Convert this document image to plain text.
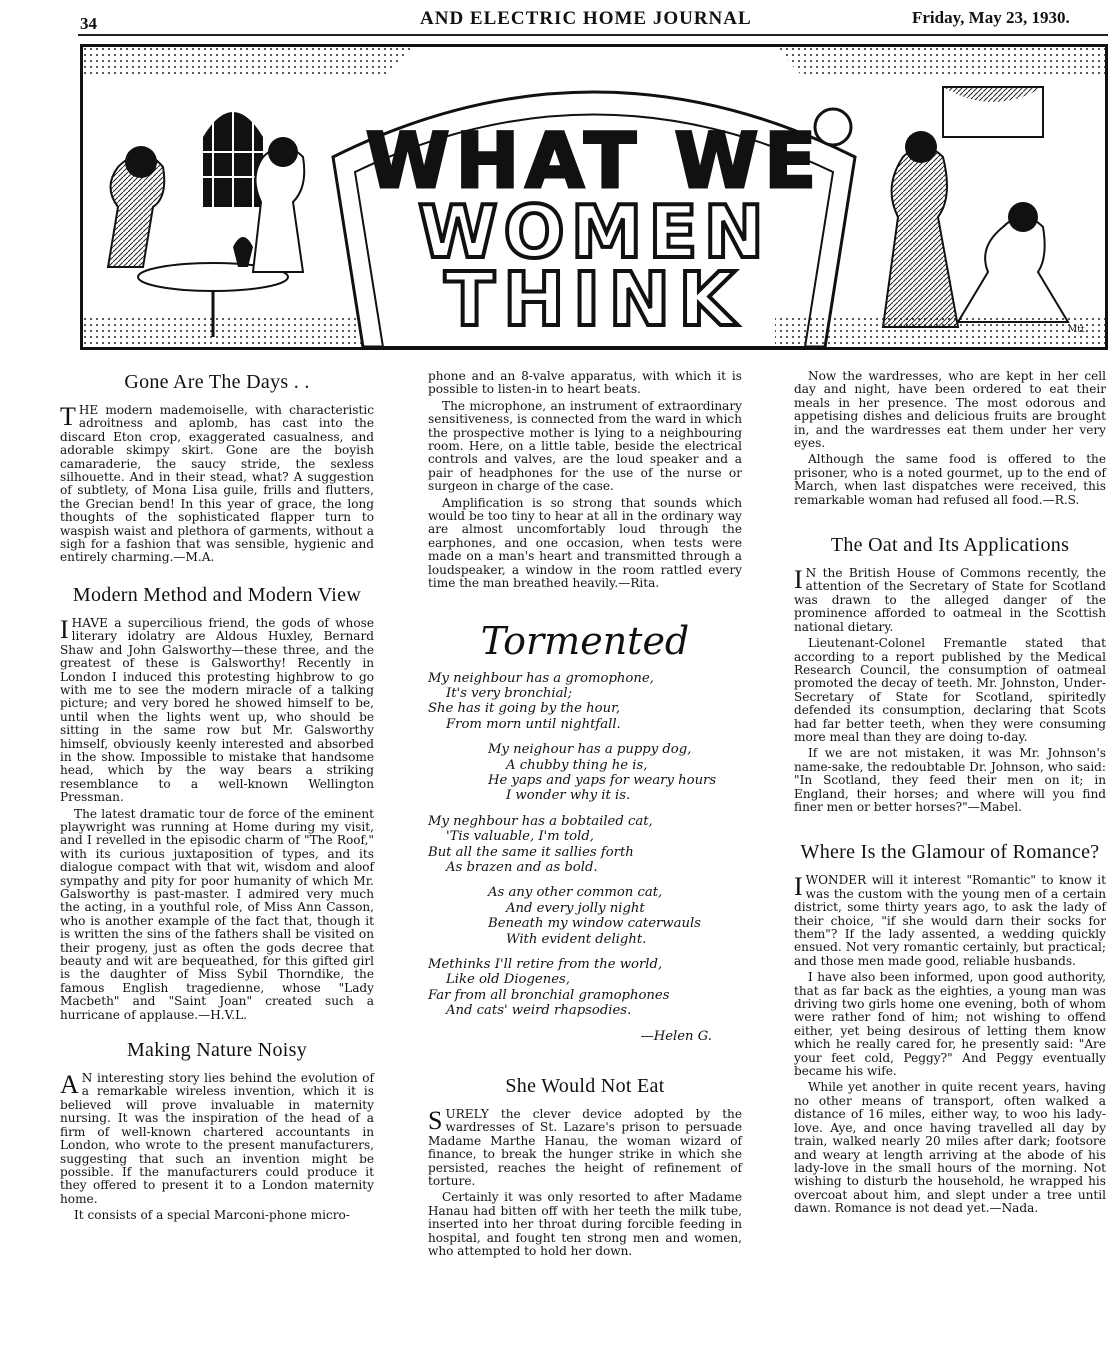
34	AND ELECTRIC HOME JOURNAL	Friday, May 23, 1930.
WHAT WE
WOMEN
THINK	Mtt
Gone Are The Days . .

THE modern mademoiselle, with characteristic adroitness and aplomb, has cast into the discard Eton crop, exaggerated casualness, and adorable skimpy skirt. Gone are the boyish camaraderie, the saucy stride, the sexless silhouette. And in their stead, what? A suggestion of subtlety, of Mona Lisa guile, frills and flutters, the Grecian bend! In this year of grace, the long thoughts of the sophisticated flapper turn to waspish waist and plethora of garments, without a sigh for a fashion that was sensible, hygienic and entirely charming.—M.A.

Modern Method and Modern View

IHAVE a supercilious friend, the gods of whose literary idolatry are Aldous Huxley, Bernard Shaw and John Galsworthy—these three, and the greatest of these is Galsworthy! Recently in London I induced this protesting highbrow to go with me to see the modern miracle of a talking picture; and very bored he showed himself to be, until when the lights went up, who should be sitting in the same row but Mr. Galsworthy himself, obviously keenly interested and absorbed in the show. Impossible to mistake that handsome head, which by the way bears a striking resemblance to a well-known Wellington Pressman.

The latest dramatic tour de force of the eminent playwright was running at Home during my visit, and I revelled in the episodic charm of "The Roof," with its curious juxtaposition of types, and its dialogue compact with that wit, wisdom and aloof sympathy and pity for poor humanity of which Mr. Galsworthy is past-master. I admired very much the acting, in a youthful role, of Miss Ann Casson, who is another example of the fact that, though it is written the sins of the fathers shall be visited on their progeny, just as often the gods decree that beauty and wit are bequeathed, for this gifted girl is the daughter of Miss Sybil Thorndike, the famous English tragedienne, whose "Lady Macbeth" and "Saint Joan" created such a hurricane of applause.—H.V.L.

Making Nature Noisy

A N interesting story lies behind the evolution of a remarkable wireless invention, which it is believed will prove invaluable in maternity nursing. It was the inspiration of the head of a firm of well-known chartered accountants in London, who wrote to the present manufacturers, suggesting that such an invention might be possible. If the manufacturers could produce it they offered to present it to a London maternity home.

It consists of a special Marconi-phone micro-

phone and an 8-valve apparatus, with which it is possible to listen-in to heart beats.

The microphone, an instrument of extraordinary sensitiveness, is connected from the ward in which the prospective mother is lying to a neighbouring room. Here, on a little table, beside the electrical controls and valves, are the loud speaker and a pair of headphones for the use of the nurse or surgeon in charge of the case.

Amplification is so strong that sounds which would be too tiny to hear at all in the ordinary way are almost uncomfortably loud through the earphones, and one occasion, when tests were made on a man's heart and transmitted through a loudspeaker, a window in the room rattled every time the man breathed heavily.—Rita.

Tormented
My neighbour has a gromophone,
It's very bronchial;
She has it going by the hour,
From morn until nightfall.
My neighour has a puppy dog,
A chubby thing he is,
He yaps and yaps for weary hours
I wonder why it is.
My neghbour has a bobtailed cat,
'Tis valuable, I'm told,
But all the same it sallies forth
As brazen and as bold.
As any other common cat,
And every jolly night
Beneath my window caterwauls
With evident delight.
Methinks I'll retire from the world,
Like old Diogenes,
Far from all bronchial gramophones
And cats' weird rhapsodies.
—Helen G.
She Would Not Eat

SURELY the clever device adopted by the wardresses of St. Lazare's prison to persuade Madame Marthe Hanau, the woman wizard of finance, to break the hunger strike in which she persisted, reaches the height of refinement of torture.

Certainly it was only resorted to after Madame Hanau had bitten off with her teeth the milk tube, inserted into her throat during forcible feeding in hospital, and fought ten strong men and women, who attempted to hold her down.

Now the wardresses, who are kept in her cell day and night, have been ordered to eat their meals in her presence. The most odorous and appetising dishes and delicious fruits are brought in, and the wardresses eat them under her very eyes.

Although the same food is offered to the prisoner, who is a noted gourmet, up to the end of March, when last dispatches were received, this remarkable woman had refused all food.—R.S.

The Oat and Its Applications

I N the British House of Commons recently, the attention of the Secretary of State for Scotland was drawn to the alleged danger of the prominence afforded to oatmeal in the Scottish national dietary.

Lieutenant-Colonel Fremantle stated that according to a report published by the Medical Research Council, the consumption of oatmeal promoted the decay of teeth. Mr. Johnston, Under-Secretary of State for Scotland, spiritedly defended its consumption, declaring that Scots had far better teeth, when they were consuming more meal than they are doing to-day.

If we are not mistaken, it was Mr. Johnson's name-sake, the redoubtable Dr. Johnson, who said: "In Scotland, they feed their men on it; in England, their horses; and where will you find finer men or better horses?"—Mabel.

Where Is the Glamour of Romance?

IWONDER will it interest "Romantic" to know it was the custom with the young men of a certain district, some thirty years ago, to ask the lady of their choice, "if she would darn their socks for them"? If the lady assented, a wedding quickly ensued. Not very romantic certainly, but practical; and those men made good, reliable husbands.

I have also been informed, upon good authority, that as far back as the eighties, a young man was driving two girls home one evening, both of whom were rather fond of him; not wishing to offend either, yet being desirous of letting them know which he really cared for, he presently said: "Are your feet cold, Peggy?" And Peggy eventually became his wife.

While yet another in quite recent years, having no other means of transport, often walked a distance of 16 miles, either way, to woo his lady-love. Aye, and once having travelled all day by train, walked nearly 20 miles after dark; footsore and weary at length arriving at the abode of his lady-love in the small hours of the morning. Not wishing to disturb the household, he wrapped his overcoat about him, and slept under a tree until dawn. Romance is not dead yet.—Nada.
